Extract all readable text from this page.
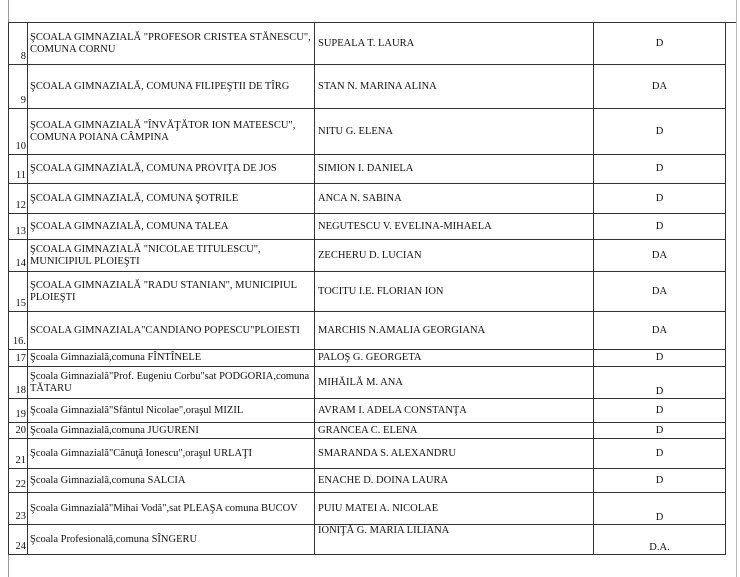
8	ŞCOALA GIMNAZIALĂ "PROFESOR CRISTEA STĂNESCU", COMUNA CORNU	SUPEALA T. LAURA	D
9	ŞCOALA GIMNAZIALĂ, COMUNA FILIPEŞTII DE TÎRG	STAN N. MARINA ALINA	DA
10	ŞCOALA GIMNAZIALĂ "ÎNVĂŢĂTOR ION MATEESCU", COMUNA POIANA CÂMPINA	NITU G. ELENA	D
11	ŞCOALA GIMNAZIALĂ, COMUNA PROVIŢA DE JOS	SIMION I. DANIELA	D
12	ŞCOALA GIMNAZIALĂ, COMUNA ŞOTRILE	ANCA N. SABINA	D
13	ŞCOALA GIMNAZIALĂ, COMUNA TALEA	NEGUTESCU V. EVELINA-MIHAELA	D
14	ŞCOALA GIMNAZIALĂ "NICOLAE TITULESCU", MUNICIPIUL PLOIEŞTI	ZECHERU D. LUCIAN	DA
15	ŞCOALA GIMNAZIALĂ "RADU STANIAN", MUNICIPIUL PLOIEŞTI	TOCITU I.E. FLORIAN ION	DA
16.	SCOALA GIMNAZIALA"CANDIANO POPESCU"PLOIESTI	MARCHIS N.AMALIA GEORGIANA	DA
17	Şcoala Gimnazială,comuna FÎNTÎNELE	PALOŞ G. GEORGETA	D
18	Şcoala Gimnazială"Prof. Eugeniu Corbu"sat PODGORIA,comuna TĂTARU	MIHĂILĂ M. ANA	D
19	Şcoala Gimnazială"Sfântul Nicolae",oraşul MIZIL	AVRAM I. ADELA CONSTANŢA	D
20	Şcoala Gimnazială,comuna JUGURENI	GRANCEA C. ELENA	D
21	Şcoala Gimnazială"Cănuţă Ionescu",oraşul URLAŢI	SMARANDA S. ALEXANDRU	D
22	Şcoala Gimnazială,comuna SALCIA	ENACHE D. DOINA LAURA	D
23	Şcoala Gimnazială"Mihai Vodă",sat PLEAŞA comuna BUCOV	PUIU MATEI A. NICOLAE	D
24	Şcoala Profesională,comuna SÎNGERU	IONIŢĂ G. MARIA LILIANA	D.A.
